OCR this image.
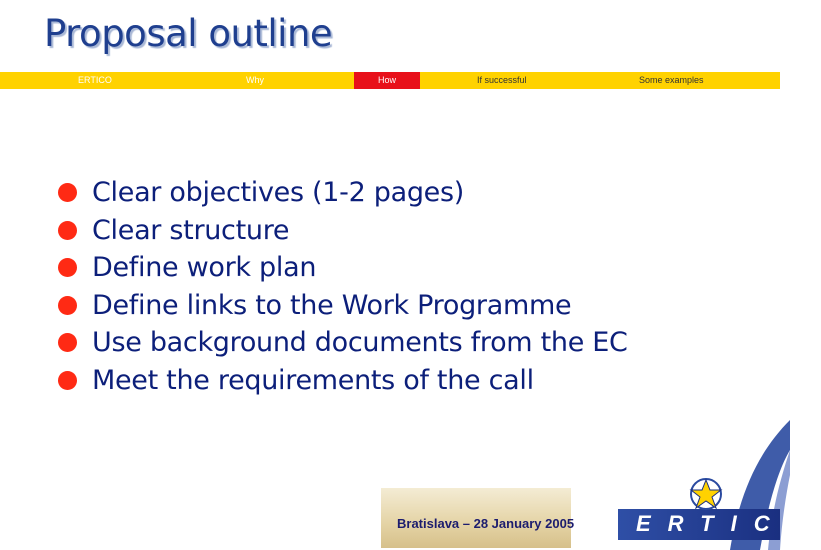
Proposal outline
ERTICO	Why	How	If successful	Some examples
Clear objectives (1-2 pages)
Clear structure
Define work plan
Define links to the Work Programme
Use background documents from the EC
Meet the requirements of the call
Bratislava – 28 January 2005	ERTICO
